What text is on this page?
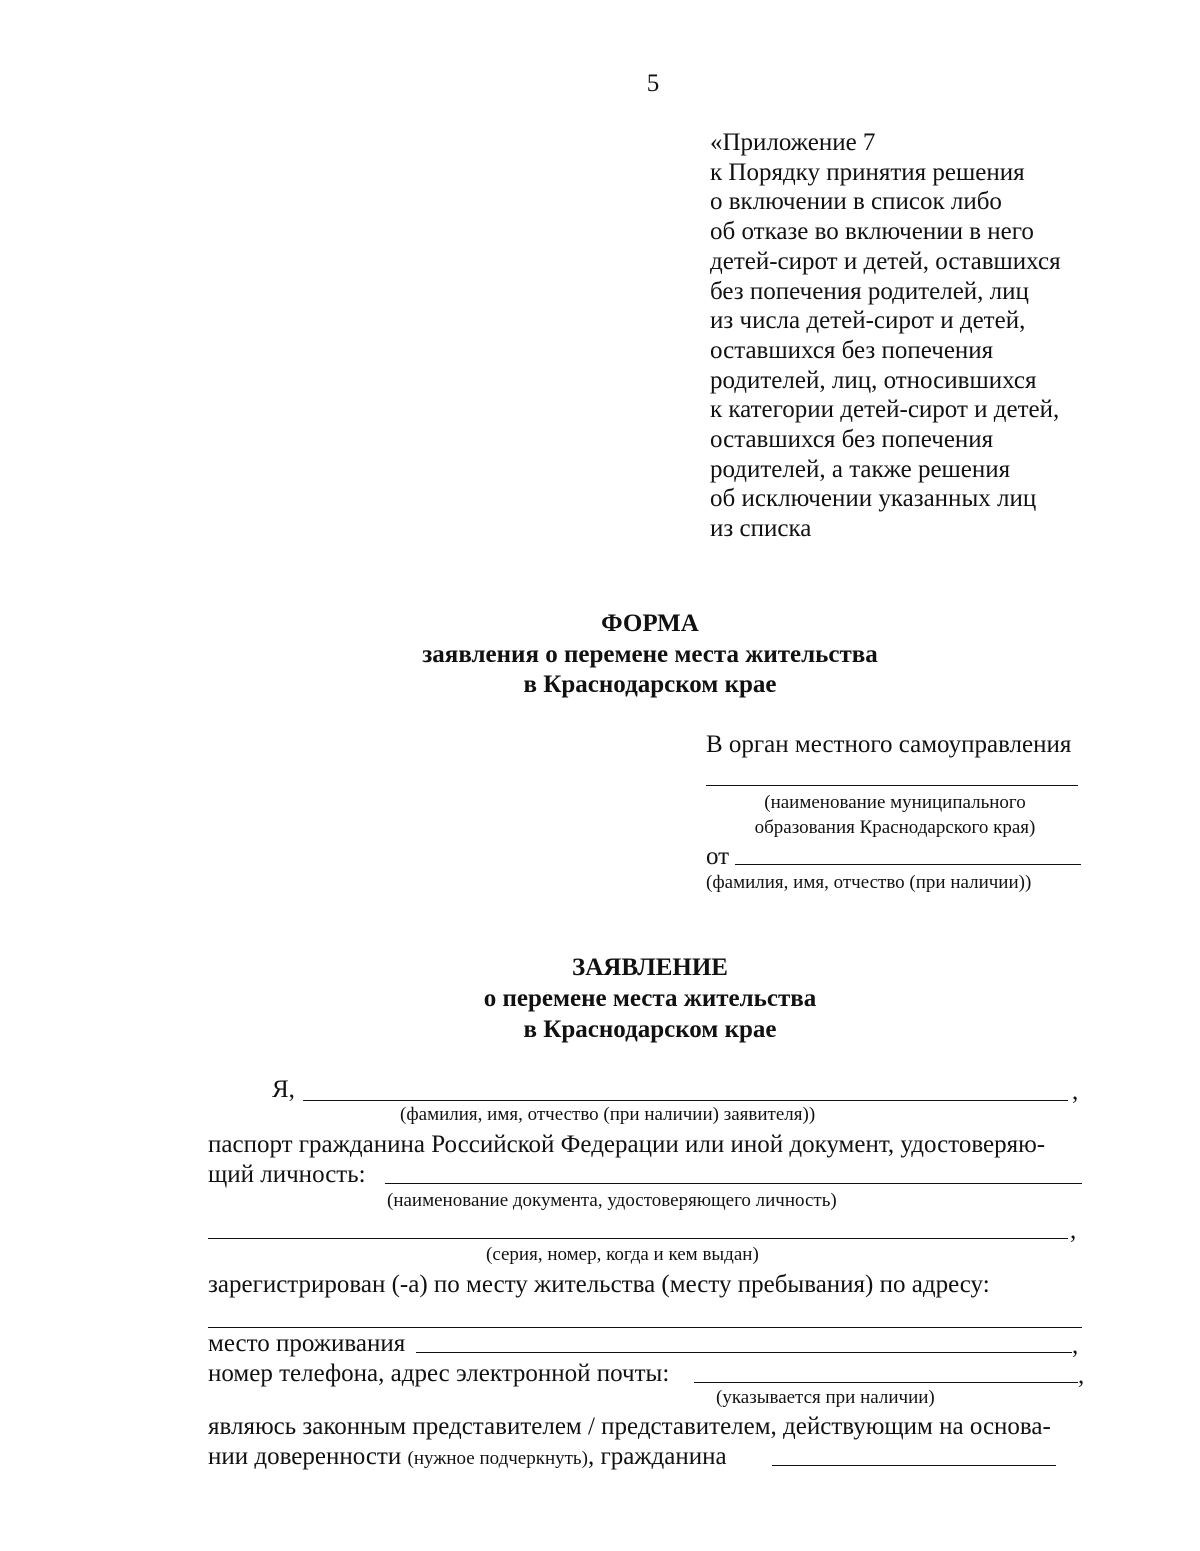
5
«Приложение 7
к Порядку принятия решения
о включении в список либо
об отказе во включении в него
детей-сирот и детей, оставшихся
без попечения родителей, лиц
из числа детей-сирот и детей,
оставшихся без попечения
родителей, лиц, относившихся
к категории детей-сирот и детей,
оставшихся без попечения
родителей, а также решения
об исключении указанных лиц
из списка
ФОРМА
заявления о перемене места жительства
в Краснодарском крае
В орган местного самоуправления
(наименование муниципального
образования Краснодарского края)
от
(фамилия, имя, отчество (при наличии))
ЗАЯВЛЕНИЕ
о перемене места жительства
в Краснодарском крае
Я,	,
(фамилия, имя, отчество (при наличии) заявителя))
паспорт гражданина Российской Федерации или иной документ, удостоверяю-
щий личность:
(наименование документа, удостоверяющего личность)
,
(серия, номер, когда и кем выдан)
зарегистрирован (-а) по месту жительства (месту пребывания) по адресу:
место проживания	,
номер телефона, адрес электронной почты:	,
(указывается при наличии)
являюсь законным представителем / представителем, действующим на основа-
нии доверенности (нужное подчеркнуть), гражданина
